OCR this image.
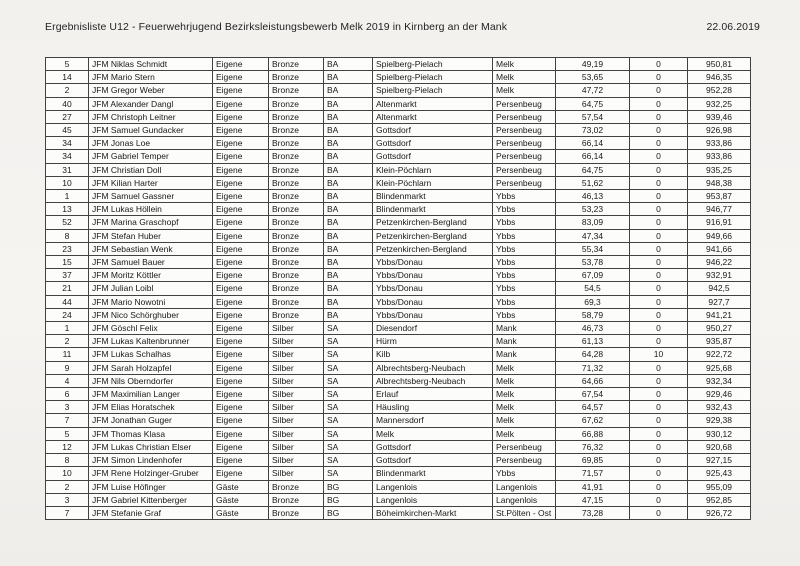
Ergebnisliste U12 - Feuerwehrjugend Bezirksleistungsbewerb Melk 2019 in Kirnberg an der Mank	22.06.2019
5	JFM Niklas Schmidt	Eigene	Bronze	BA	Spielberg-Pielach	Melk	49,19	0	950,81
14	JFM Mario Stern	Eigene	Bronze	BA	Spielberg-Pielach	Melk	53,65	0	946,35
2	JFM Gregor Weber	Eigene	Bronze	BA	Spielberg-Pielach	Melk	47,72	0	952,28
40	JFM Alexander Dangl	Eigene	Bronze	BA	Altenmarkt	Persenbeug	64,75	0	932,25
27	JFM Christoph Leitner	Eigene	Bronze	BA	Altenmarkt	Persenbeug	57,54	0	939,46
45	JFM Samuel Gundacker	Eigene	Bronze	BA	Gottsdorf	Persenbeug	73,02	0	926,98
34	JFM Jonas Loe	Eigene	Bronze	BA	Gottsdorf	Persenbeug	66,14	0	933,86
34	JFM Gabriel Temper	Eigene	Bronze	BA	Gottsdorf	Persenbeug	66,14	0	933,86
31	JFM Christian Doll	Eigene	Bronze	BA	Klein-Pöchlarn	Persenbeug	64,75	0	935,25
10	JFM Kilian Harter	Eigene	Bronze	BA	Klein-Pöchlarn	Persenbeug	51,62	0	948,38
1	JFM Samuel Gassner	Eigene	Bronze	BA	Blindenmarkt	Ybbs	46,13	0	953,87
13	JFM Lukas Höllein	Eigene	Bronze	BA	Blindenmarkt	Ybbs	53,23	0	946,77
52	JFM Marina Graschopf	Eigene	Bronze	BA	Petzenkirchen-Bergland	Ybbs	83,09	0	916,91
8	JFM Stefan Huber	Eigene	Bronze	BA	Petzenkirchen-Bergland	Ybbs	47,34	0	949,66
23	JFM Sebastian Wenk	Eigene	Bronze	BA	Petzenkirchen-Bergland	Ybbs	55,34	0	941,66
15	JFM Samuel Bauer	Eigene	Bronze	BA	Ybbs/Donau	Ybbs	53,78	0	946,22
37	JFM Moritz Köttler	Eigene	Bronze	BA	Ybbs/Donau	Ybbs	67,09	0	932,91
21	JFM Julian Loibl	Eigene	Bronze	BA	Ybbs/Donau	Ybbs	54,5	0	942,5
44	JFM Mario Nowotni	Eigene	Bronze	BA	Ybbs/Donau	Ybbs	69,3	0	927,7
24	JFM Nico Schörghuber	Eigene	Bronze	BA	Ybbs/Donau	Ybbs	58,79	0	941,21
1	JFM Göschl Felix	Eigene	Silber	SA	Diesendorf	Mank	46,73	0	950,27
2	JFM Lukas Kaltenbrunner	Eigene	Silber	SA	Hürm	Mank	61,13	0	935,87
11	JFM Lukas Schalhas	Eigene	Silber	SA	Kilb	Mank	64,28	10	922,72
9	JFM Sarah Holzapfel	Eigene	Silber	SA	Albrechtsberg-Neubach	Melk	71,32	0	925,68
4	JFM Nils Oberndorfer	Eigene	Silber	SA	Albrechtsberg-Neubach	Melk	64,66	0	932,34
6	JFM Maximilian Langer	Eigene	Silber	SA	Erlauf	Melk	67,54	0	929,46
3	JFM Elias Horatschek	Eigene	Silber	SA	Häusling	Melk	64,57	0	932,43
7	JFM Jonathan Guger	Eigene	Silber	SA	Mannersdorf	Melk	67,62	0	929,38
5	JFM Thomas Klasa	Eigene	Silber	SA	Melk	Melk	66,88	0	930,12
12	JFM Lukas Christian Elser	Eigene	Silber	SA	Gottsdorf	Persenbeug	76,32	0	920,68
8	JFM Simon Lindenhofer	Eigene	Silber	SA	Gottsdorf	Persenbeug	69,85	0	927,15
10	JFM Rene Holzinger-Gruber	Eigene	Silber	SA	Blindenmarkt	Ybbs	71,57	0	925,43
2	JFM Luise Höfinger	Gäste	Bronze	BG	Langenlois	Langenlois	41,91	0	955,09
3	JFM Gabriel Kittenberger	Gäste	Bronze	BG	Langenlois	Langenlois	47,15	0	952,85
7	JFM Stefanie Graf	Gäste	Bronze	BG	Böheimkirchen-Markt	St.Pölten - Ost	73,28	0	926,72
